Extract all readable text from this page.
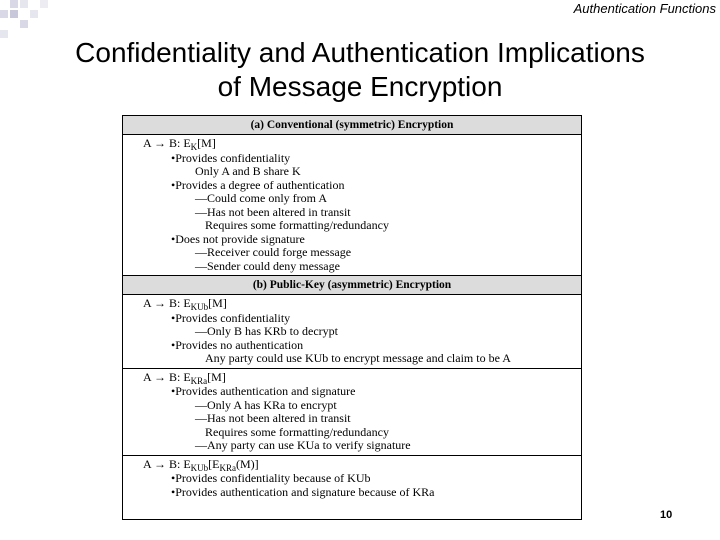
Authentication Functions
Confidentiality and Authentication Implications
of Message Encryption
(a) Conventional (symmetric) Encryption
A → B: $E_K[M]$
•Provides confidentiality
Only A and B share K
•Provides a degree of authentication
—Could come only from A
—Has not been altered in transit
Requires some formatting/redundancy
•Does not provide signature
—Receiver could forge message
—Sender could deny message
(b) Public-Key (asymmetric) Encryption
A → B: $E_{KUb}[M]$
•Provides confidentiality
—Only B has KRb to decrypt
•Provides no authentication
Any party could use KUb to encrypt message and claim to be A
A → B: $E_{KRa}[M]$
•Provides authentication and signature
—Only A has KRa to encrypt
—Has not been altered in transit
Requires some formatting/redundancy
—Any party can use KUa to verify signature
A → B: $E_{KUb}[E_{KRa}(M)]$
•Provides confidentiality because of KUb
•Provides authentication and signature because of KRa
10
